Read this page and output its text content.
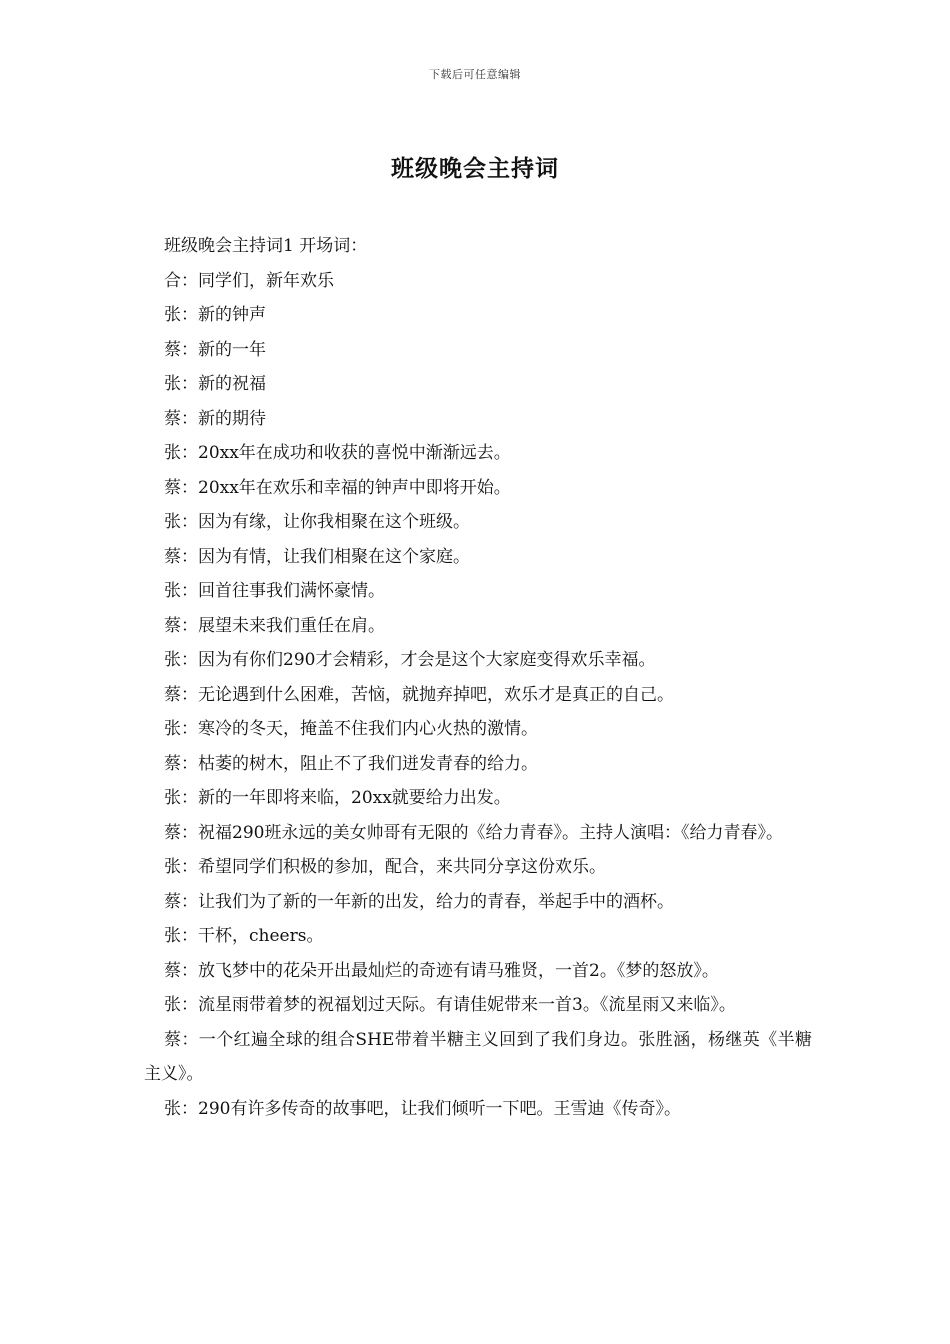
下载后可任意编辑
班级晚会主持词

班级晚会主持词1 开场词：

合：同学们，新年欢乐

张：新的钟声

蔡：新的一年

张：新的祝福

蔡：新的期待

张：20xx年在成功和收获的喜悦中渐渐远去。

蔡：20xx年在欢乐和幸福的钟声中即将开始。

张：因为有缘，让你我相聚在这个班级。

蔡：因为有情，让我们相聚在这个家庭。

张：回首往事我们满怀豪情。

蔡：展望未来我们重任在肩。

张：因为有你们290才会精彩，才会是这个大家庭变得欢乐幸福。

蔡：无论遇到什么困难，苦恼，就抛弃掉吧，欢乐才是真正的自己。

张：寒冷的冬天，掩盖不住我们内心火热的激情。

蔡：枯萎的树木，阻止不了我们迸发青春的给力。

张：新的一年即将来临，20xx就要给力出发。

蔡：祝福290班永远的美女帅哥有无限的《给力青春》。主持人演唱：《给力青春》。

张：希望同学们积极的参加，配合，来共同分享这份欢乐。

蔡：让我们为了新的一年新的出发，给力的青春，举起手中的酒杯。

张：干杯，cheers。

蔡：放飞梦中的花朵开出最灿烂的奇迹有请马雅贤，一首2。《梦的怒放》。

张：流星雨带着梦的祝福划过天际。有请佳妮带来一首3。《流星雨又来临》。

蔡：一个红遍全球的组合SHE带着半糖主义回到了我们身边。张胜涵，杨继英《半糖主义》。

张：290有许多传奇的故事吧，让我们倾听一下吧。王雪迪《传奇》。
